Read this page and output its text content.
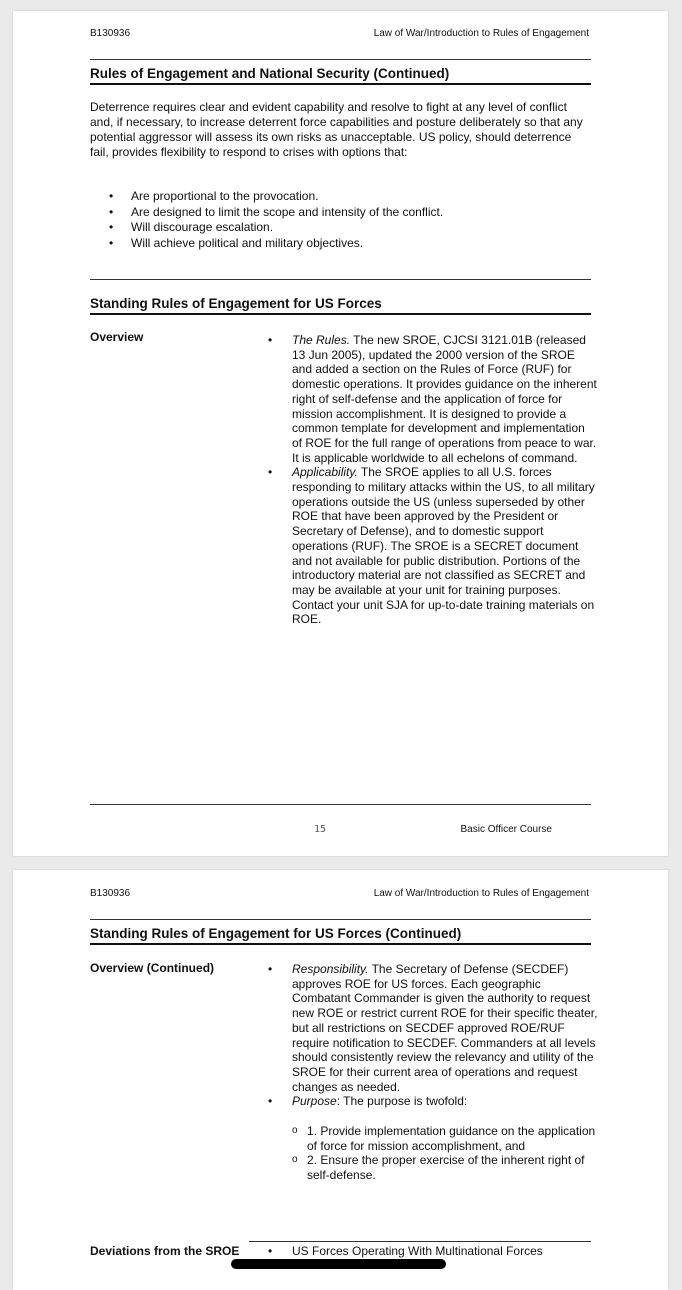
B130936	Law of War/Introduction to Rules of Engagement
Rules of Engagement and National Security (Continued)
Deterrence requires clear and evident capability and resolve to fight at any level of conflict and, if necessary, to increase deterrent force capabilities and posture deliberately so that any potential aggressor will assess its own risks as unacceptable. US policy, should deterrence fail, provides flexibility to respond to crises with options that:
• Are proportional to the provocation.
• Are designed to limit the scope and intensity of the conflict.
• Will discourage escalation.
• Will achieve political and military objectives.
Standing Rules of Engagement for US Forces
Overview	• The Rules. The new SROE, CJCSI 3121.01B (released 13 Jun 2005), updated the 2000 version of the SROE and added a section on the Rules of Force (RUF) for domestic operations. It provides guidance on the inherent right of self-defense and the application of force for mission accomplishment. It is designed to provide a common template for development and implementation of ROE for the full range of operations from peace to war. It is applicable worldwide to all echelons of command.
• Applicability. The SROE applies to all U.S. forces responding to military attacks within the US, to all military operations outside the US (unless superseded by other ROE that have been approved by the President or Secretary of Defense), and to domestic support operations (RUF). The SROE is a SECRET document and not available for public distribution. Portions of the introductory material are not classified as SECRET and may be available at your unit for training purposes. Contact your unit SJA for up-to-date training materials on ROE.
15	Basic Officer Course
B130936	Law of War/Introduction to Rules of Engagement
Standing Rules of Engagement for US Forces (Continued)
Overview (Continued)	• Responsibility. The Secretary of Defense (SECDEF) approves ROE for US forces. Each geographic Combatant Commander is given the authority to request new ROE or restrict current ROE for their specific theater, but all restrictions on SECDEF approved ROE/RUF require notification to SECDEF. Commanders at all levels should consistently review the relevancy and utility of the SROE for their current area of operations and request changes as needed.
• Purpose: The purpose is twofold:
o 1. Provide implementation guidance on the application of force for mission accomplishment, and
o 2. Ensure the proper exercise of the inherent right of self-defense.
Deviations from the SROE	• US Forces Operating With Multinational Forces
